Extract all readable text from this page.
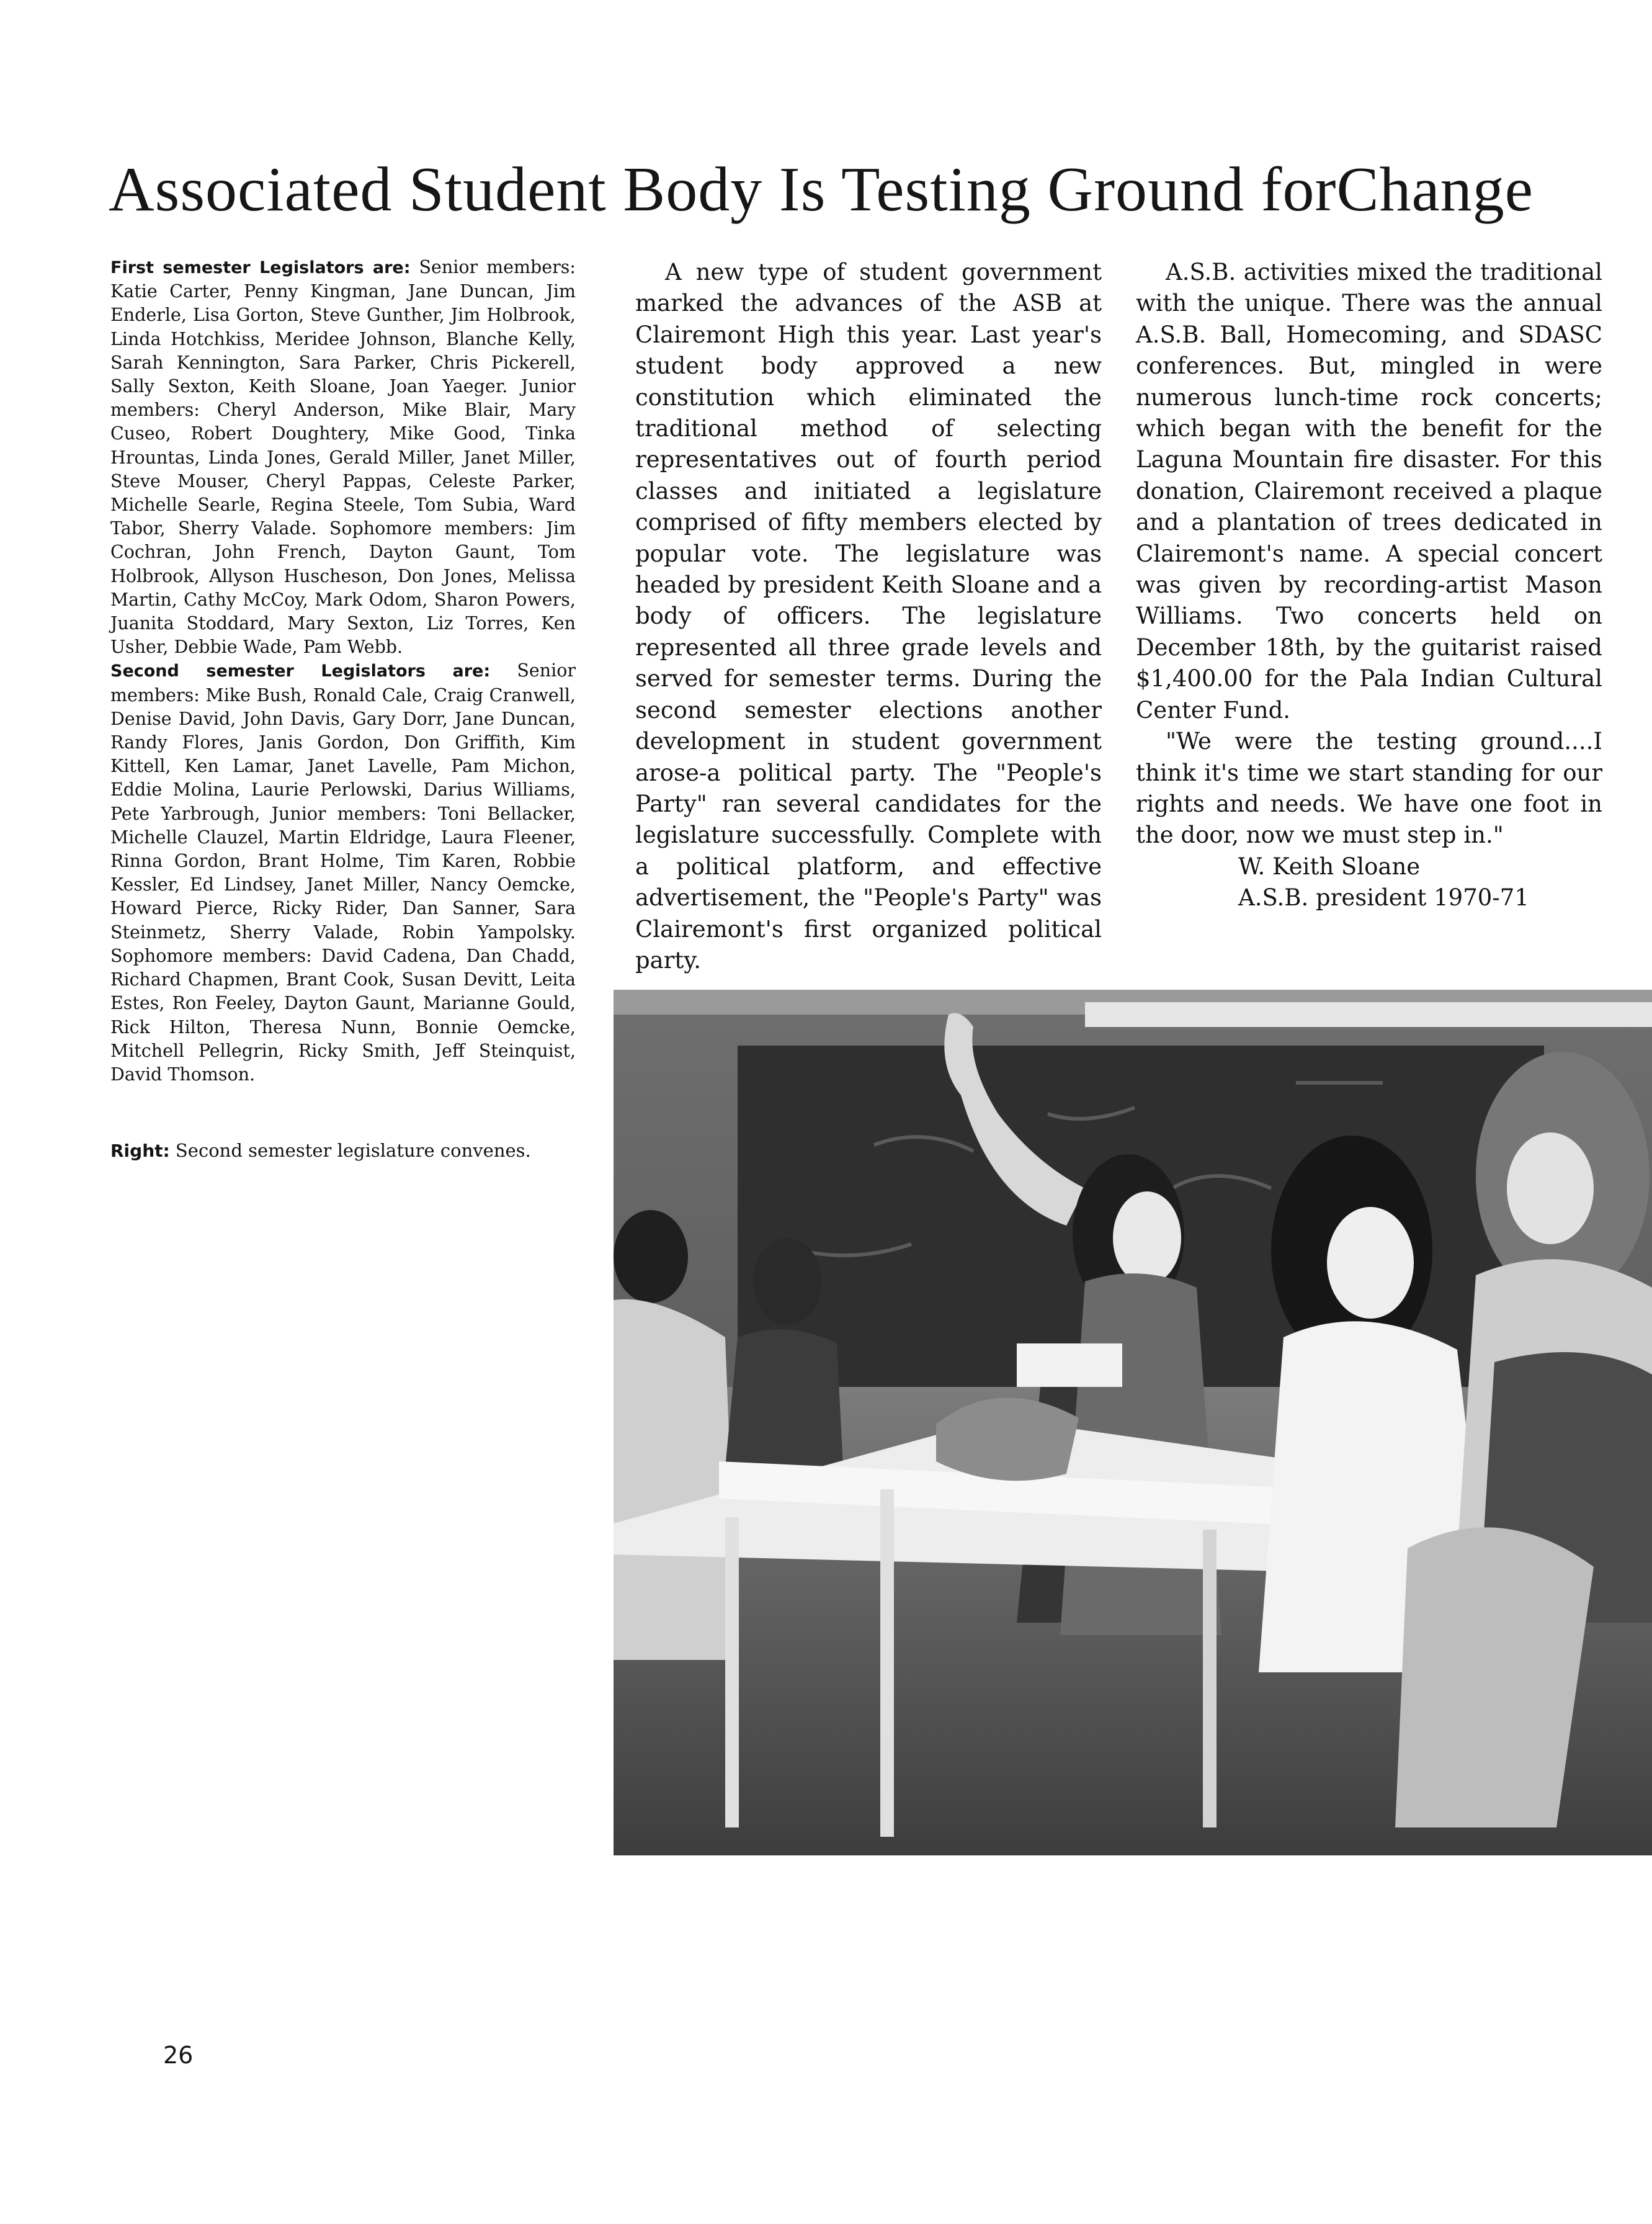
Associated Student Body Is Testing Ground forChange

First semester Legislators are: Senior members: Katie Carter, Penny Kingman, Jane Duncan, Jim Enderle, Lisa Gorton, Steve Gunther, Jim Holbrook, Linda Hotchkiss, Meridee Johnson, Blanche Kelly, Sarah Kennington, Sara Parker, Chris Pickerell, Sally Sexton, Keith Sloane, Joan Yaeger. Junior members: Cheryl Anderson, Mike Blair, Mary Cuseo, Robert Doughtery, Mike Good, Tinka Hrountas, Linda Jones, Gerald Miller, Janet Miller, Steve Mouser, Cheryl Pappas, Celeste Parker, Michelle Searle, Regina Steele, Tom Subia, Ward Tabor, Sherry Valade. Sophomore members: Jim Cochran, John French, Dayton Gaunt, Tom Holbrook, Allyson Huscheson, Don Jones, Melissa Martin, Cathy McCoy, Mark Odom, Sharon Powers, Juanita Stoddard, Mary Sexton, Liz Torres, Ken Usher, Debbie Wade, Pam Webb.

Second semester Legislators are: Senior members: Mike Bush, Ronald Cale, Craig Cranwell, Denise David, John Davis, Gary Dorr, Jane Duncan, Randy Flores, Janis Gordon, Don Griffith, Kim Kittell, Ken Lamar, Janet Lavelle, Pam Michon, Eddie Molina, Laurie Perlowski, Darius Williams, Pete Yarbrough, Junior members: Toni Bellacker, Michelle Clauzel, Martin Eldridge, Laura Fleener, Rinna Gordon, Brant Holme, Tim Karen, Robbie Kessler, Ed Lindsey, Janet Miller, Nancy Oemcke, Howard Pierce, Ricky Rider, Dan Sanner, Sara Steinmetz, Sherry Valade, Robin Yampolsky. Sophomore members: David Cadena, Dan Chadd, Richard Chapmen, Brant Cook, Susan Devitt, Leita Estes, Ron Feeley, Dayton Gaunt, Marianne Gould, Rick Hilton, Theresa Nunn, Bonnie Oemcke, Mitchell Pellegrin, Ricky Smith, Jeff Steinquist, David Thomson.

Right: Second semester legislature convenes.

A new type of student government marked the advances of the ASB at Clairemont High this year. Last year's student body approved a new constitution which eliminated the traditional method of selecting representatives out of fourth period classes and initiated a legislature comprised of fifty members elected by popular vote. The legislature was headed by president Keith Sloane and a body of officers. The legislature represented all three grade levels and served for semester terms. During the second semester elections another development in student government arose-a political party. The "People's Party" ran several candidates for the legislature successfully. Complete with a political platform, and effective advertisement, the "People's Party" was Clairemont's first organized political party.

A.S.B. activities mixed the traditional with the unique. There was the annual A.S.B. Ball, Homecoming, and SDASC conferences. But, mingled in were numerous lunch-time rock concerts; which began with the benefit for the Laguna Mountain fire disaster. For this donation, Clairemont received a plaque and a plantation of trees dedicated in Clairemont's name. A special concert was given by recording-artist Mason Williams. Two concerts held on December 18th, by the guitarist raised $1,400.00 for the Pala Indian Cultural Center Fund.

"We were the testing ground....I think it's time we start standing for our rights and needs. We have one foot in the door, now we must step in."

W. Keith Sloane

A.S.B. president 1970-71

26
